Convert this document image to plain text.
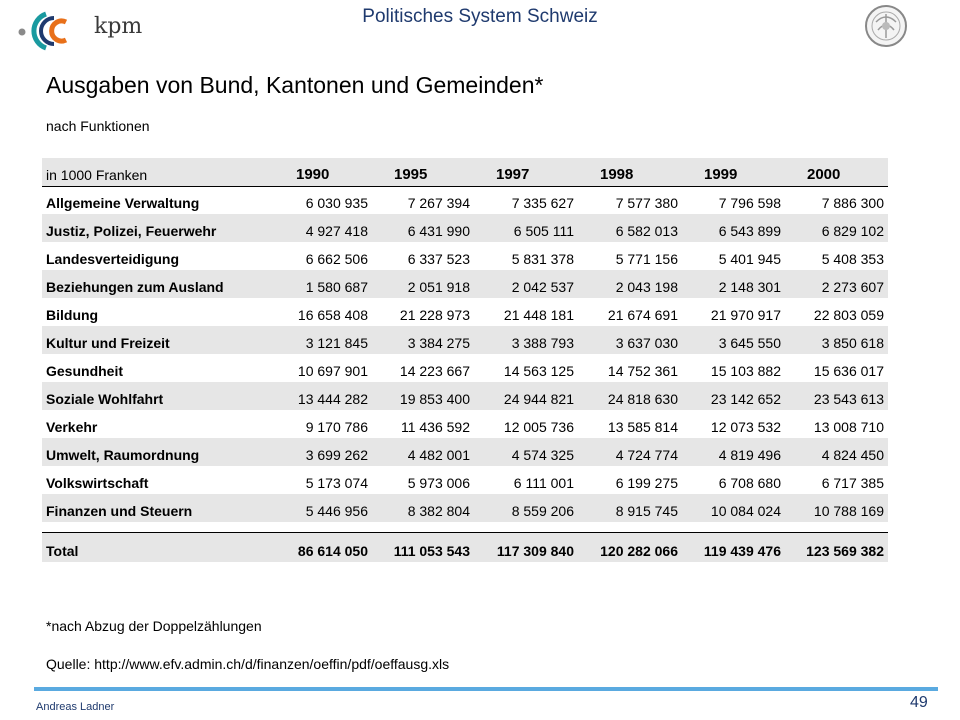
kpm	Politisches System Schweiz
Ausgaben von Bund, Kantonen und Gemeinden*
nach Funktionen
in 1000 Franken	1990	1995	1997	1998	1999	2000
Allgemeine Verwaltung	6 030 935	7 267 394	7 335 627	7 577 380	7 796 598	7 886 300
Justiz, Polizei, Feuerwehr	4 927 418	6 431 990	6 505 111	6 582 013	6 543 899	6 829 102
Landesverteidigung	6 662 506	6 337 523	5 831 378	5 771 156	5 401 945	5 408 353
Beziehungen zum Ausland	1 580 687	2 051 918	2 042 537	2 043 198	2 148 301	2 273 607
Bildung	16 658 408	21 228 973	21 448 181	21 674 691	21 970 917	22 803 059
Kultur und Freizeit	3 121 845	3 384 275	3 388 793	3 637 030	3 645 550	3 850 618
Gesundheit	10 697 901	14 223 667	14 563 125	14 752 361	15 103 882	15 636 017
Soziale Wohlfahrt	13 444 282	19 853 400	24 944 821	24 818 630	23 142 652	23 543 613
Verkehr	9 170 786	11 436 592	12 005 736	13 585 814	12 073 532	13 008 710
Umwelt, Raumordnung	3 699 262	4 482 001	4 574 325	4 724 774	4 819 496	4 824 450
Volkswirtschaft	5 173 074	5 973 006	6 111 001	6 199 275	6 708 680	6 717 385
Finanzen und Steuern	5 446 956	8 382 804	8 559 206	8 915 745	10 084 024	10 788 169

Total	86 614 050	111 053 543	117 309 840	120 282 066	119 439 476	123 569 382
*nach Abzug der Doppelzählungen
Quelle: http://www.efv.admin.ch/d/finanzen/oeffin/pdf/oeffausg.xls
Andreas Ladner	49
